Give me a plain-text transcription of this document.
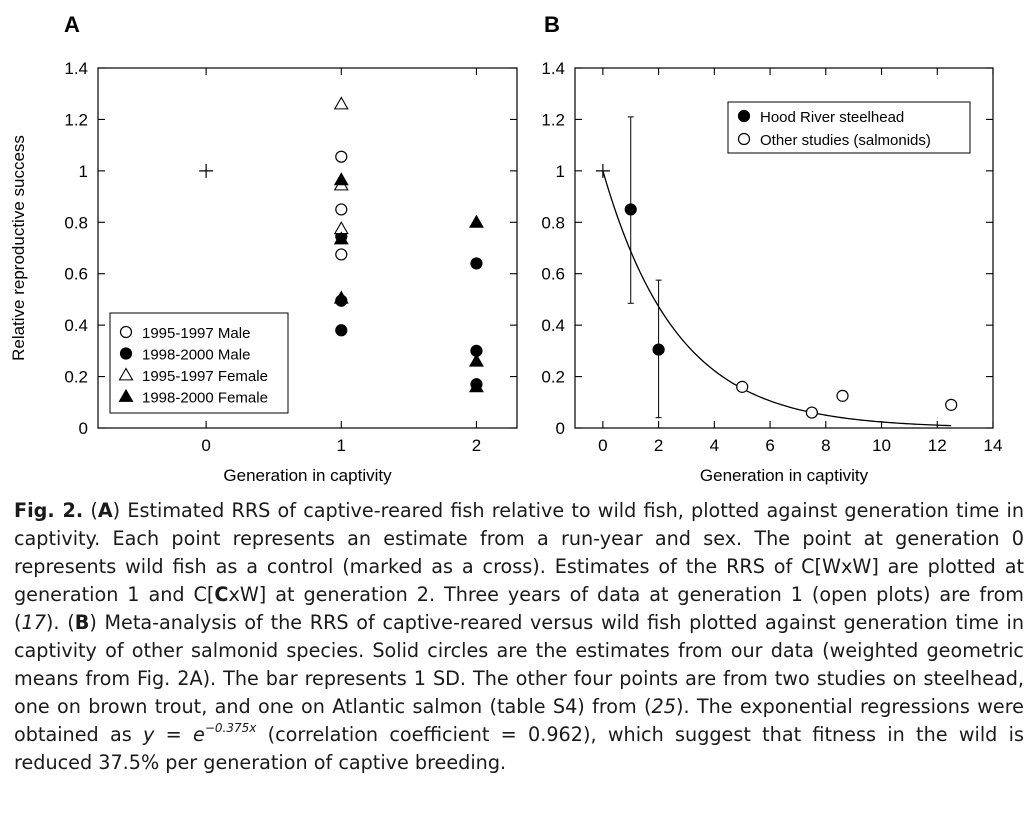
A
0
0.2
0.4
0.6
0.8
1
1.2
1.4
0	1	2
Generation in captivity
Relative reproductive success	1995-1997 Male
1998-2000 Male
1995-1997 Female
1998-2000 Female
B
0
0.2
0.4
0.6
0.8
1
1.2
1.4
0	2	4	6	8 10 12 14
Generation in captivity
Hood River steelhead
Other studies (salmonids)
Fig. 2. (A) Estimated RRS of captive-reared fish relative to wild fish, plotted against generation time in captivity. Each point represents an estimate from a run-year and sex. The point at generation 0 represents wild fish as a control (marked as a cross). Estimates of the RRS of C[WxW] are plotted at generation 1 and C[CxW] at generation 2. Three years of data at generation 1 (open plots) are from (17). (B) Meta-analysis of the RRS of captive-reared versus wild fish plotted against generation time in captivity of other salmonid species. Solid circles are the estimates from our data (weighted geometric means from Fig. 2A). The bar represents 1 SD. The other four points are from two studies on steelhead, one on brown trout, and one on Atlantic salmon (table S4) from (25). The exponential regressions were obtained as $y = e^{-0.375x}$ (correlation coefficient = 0.962), which suggest that fitness in the wild is reduced 37.5% per generation of captive breeding.
